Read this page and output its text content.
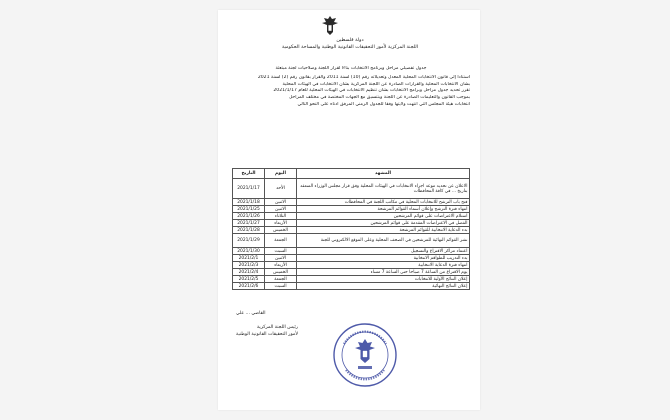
دولة فلسطين
اللجنة المركزية لأمور التحقيقات القانونية الوطنية والمساحة الحكومية
جدول تفصيلي مراحل وبرنامج الانتخابات بناءا لقرار اللجنة وصلاحيات لجنة مبتعثة
استنادا إلى قانون الانتخابات المحلية المعدل وتعديلاته رقم (10) لسنة 2011 والقرار بقانون رقم (2) لسنة 2021
بشأن الانتخابات المحلية والقرارات الصادرة عن اللجنة المركزية بشأن الانتخابات في الهيئات المحلية
تقرر تحديد جدول مراحل وبرامج الانتخابات بشأن تنظيم الانتخابات في الهيئات المحلية للعام 2021/1/17
بموجب القانون والتعليمات الصادرة عن اللجنة وبتنسيق مع الجهات المختصة في مختلف المراحل
انتخابات هيئة المجلس التي انتهت ولايتها وفقا للجدول الزمني المرفق أدناه على النحو التالي
المشهد	اليوم	التاريخ
الاعلان عن تحديد موعد اجراء الانتخابات في الهيئات المحلية وفق قرار مجلس الوزراء المنعقد بتاريخ ... في كافة المحافظات	الأحد	2021/1/17
فتح باب الترشح للانتخابات المحلية في مكاتب اللجنة في المحافظات	الاثنين	2021/1/18
انتهاء فترة الترشح وإعلان أسماء القوائم المرشحة	الاثنين	2021/1/25
استلام الاعتراضات على قوائم المرشحين	الثلاثاء	2021/1/26
الفصل في الاعتراضات المقدمة على قوائم المرشحين	الأربعاء	2021/1/27
بدء الدعاية الانتخابية للقوائم المرشحة	الخميس	2021/1/28
نشر القوائم النهائية للمرشحين في الصحف المحلية وعلى الموقع الالكتروني للجنة	الجمعة	2021/1/29
اعتماد مراكز الاقتراع والتسجيل	السبت	2021/1/30
بدء التدريب للطواقم الانتخابية	الاثنين	2021/2/1
انتهاء فترة الدعاية الانتخابية	الأربعاء	2021/2/3
يوم الاقتراع من الساعة 7 صباحا حتى الساعة 7 مساء	الخميس	2021/2/4
إعلان النتائج الأولية للانتخابات	الجمعة	2021/2/5
إعلان النتائج النهائية	السبت	2021/2/6
القاضي ... علي
رئيس اللجنة المركزية
لأمور التحقيقات القانونية الوطنية
